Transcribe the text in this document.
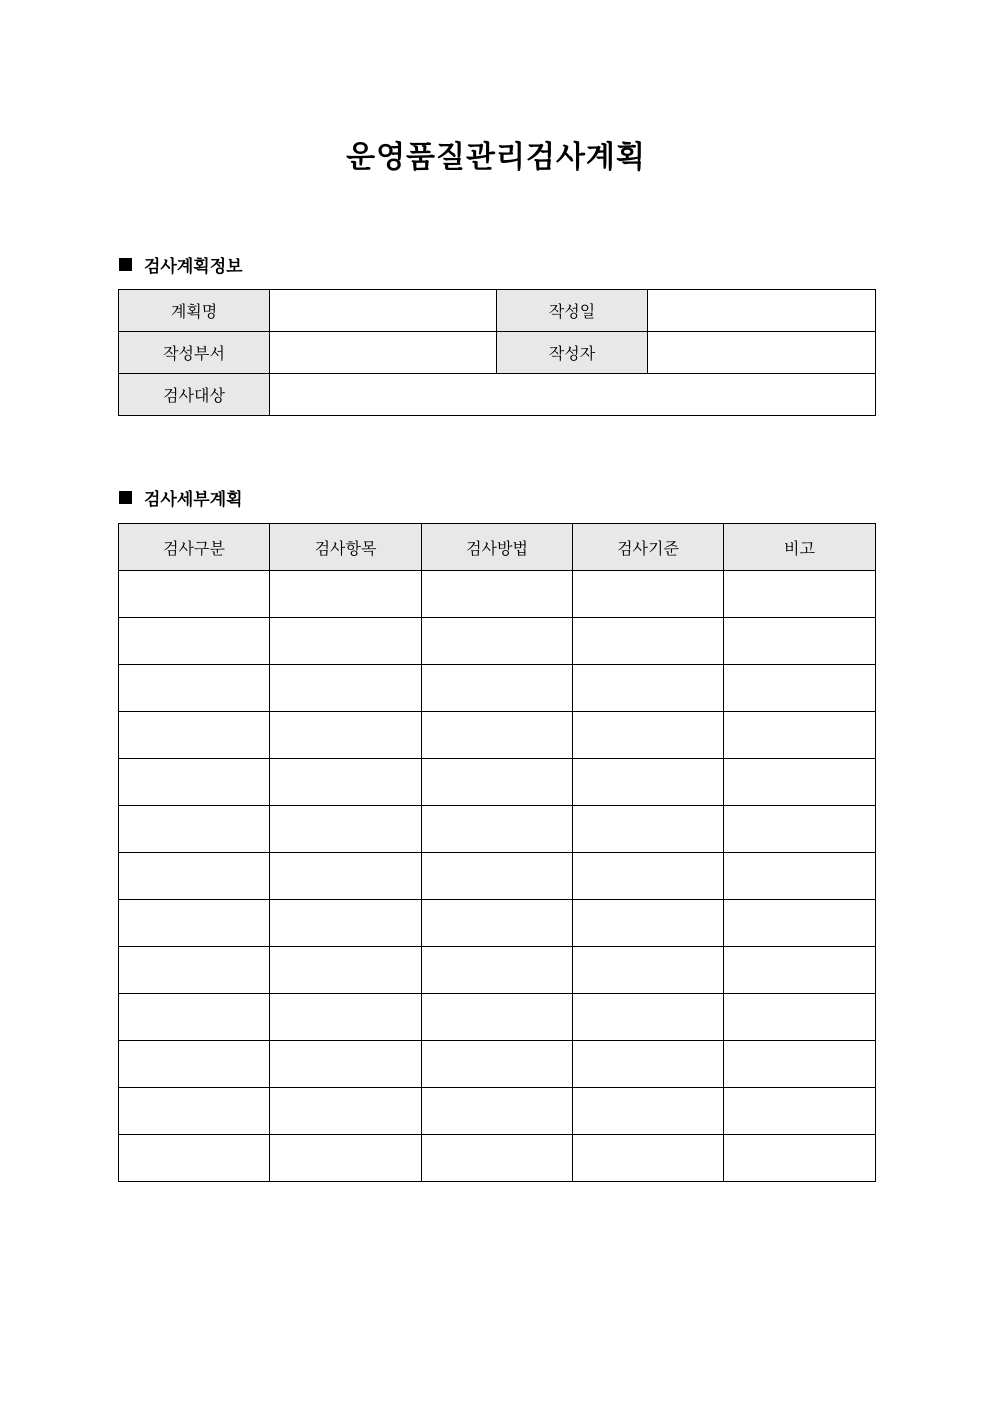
운영품질관리검사계획
검사계획정보
계획명		작성일	
작성부서		작성자	
검사대상			
검사세부계획
검사구분	검사항목	검사방법	검사기준	비고
